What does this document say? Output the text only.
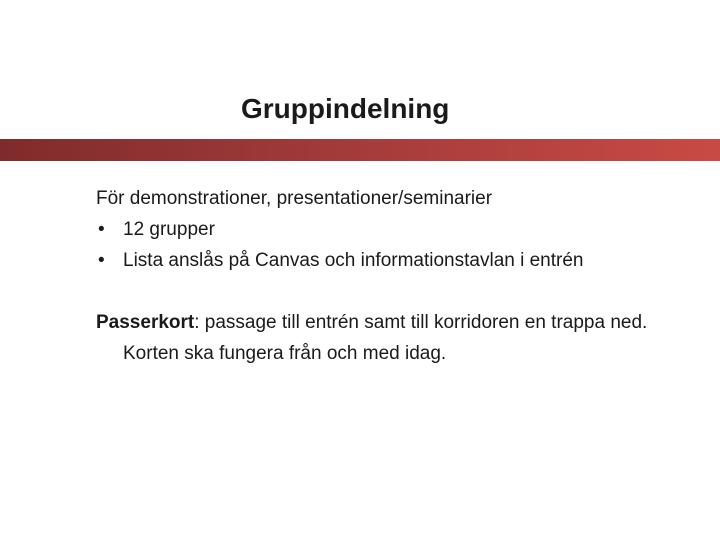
Gruppindelning

För demonstrationer, presentationer/seminarier

• 12 grupper
• Lista anslås på Canvas och informationstavlan i entrén

Passerkort: passage till entrén samt till korridoren en trappa ned. Korten ska fungera från och med idag.
